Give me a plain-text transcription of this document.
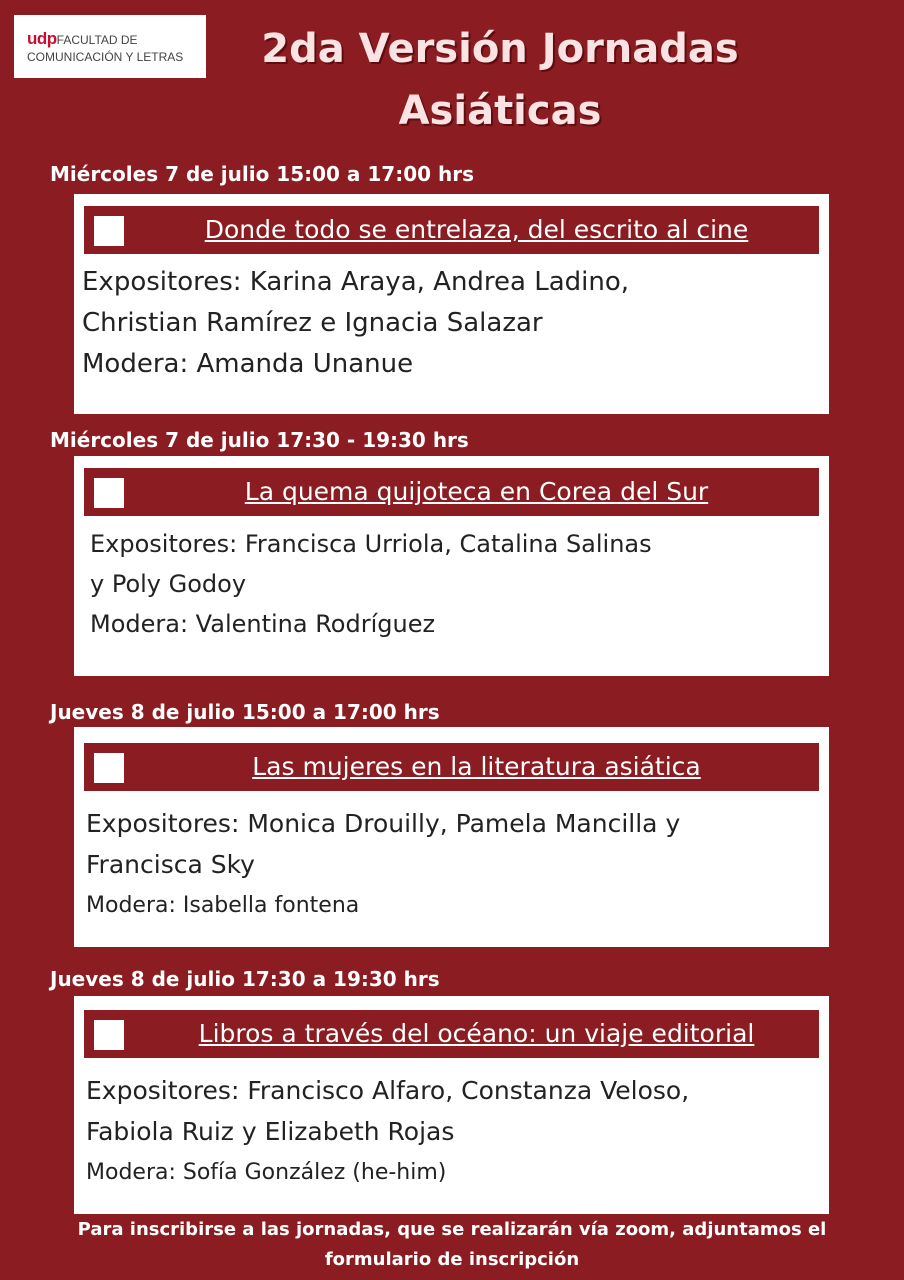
udpFACULTAD DE
COMUNICACIÓN Y LETRAS	2da Versión Jornadas
Asiáticas
Miércoles 7 de julio 15:00 a 17:00 hrs
Donde todo se entrelaza, del escrito al cine
Expositores: Karina Araya, Andrea Ladino,
Christian Ramírez e Ignacia Salazar
Modera: Amanda Unanue
Miércoles 7 de julio 17:30 - 19:30 hrs
La quema quijoteca en Corea del Sur
Expositores: Francisca Urriola, Catalina Salinas
y Poly Godoy
Modera: Valentina Rodríguez
Jueves 8 de julio 15:00 a 17:00 hrs
Las mujeres en la literatura asiática
Expositores: Monica Drouilly, Pamela Mancilla y
Francisca Sky
Modera: Isabella fontena
Jueves 8 de julio 17:30 a 19:30 hrs
Libros a través del océano: un viaje editorial
Expositores: Francisco Alfaro, Constanza Veloso,
Fabiola Ruiz y Elizabeth Rojas
Modera: Sofía González (he-him)
Para inscribirse a las jornadas, que se realizarán vía zoom, adjuntamos el
formulario de inscripción
